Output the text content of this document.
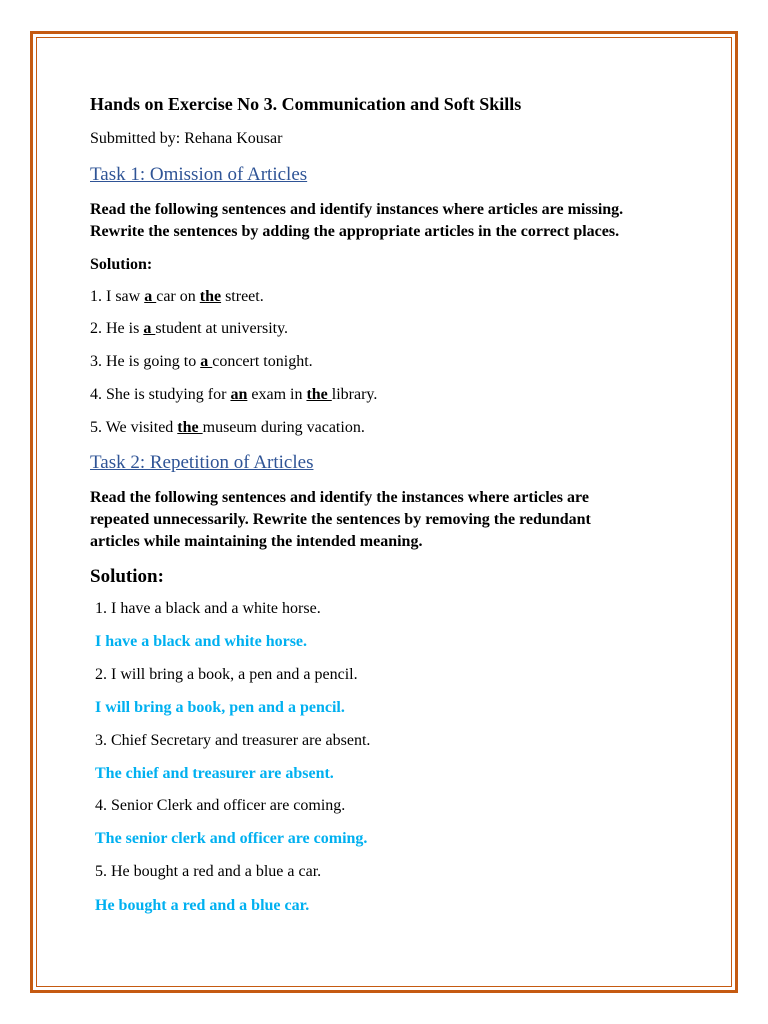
Hands on Exercise No 3. Communication and Soft Skills
Submitted by: Rehana Kousar
Task 1: Omission of Articles
Read the following sentences and identify instances where articles are missing.
Rewrite the sentences by adding the appropriate articles in the correct places.
Solution:
1. I saw a car on the street.
2. He is a student at university.
3. He is going to a concert tonight.
4. She is studying for an exam in the library.
5. We visited the museum during vacation.
Task 2: Repetition of Articles
Read the following sentences and identify the instances where articles are
repeated unnecessarily. Rewrite the sentences by removing the redundant
articles while maintaining the intended meaning.
Solution:
1. I have a black and a white horse.
I have a black and white horse.
2. I will bring a book, a pen and a pencil.
I will bring a book, pen and a pencil.
3. Chief Secretary and treasurer are absent.
The chief and treasurer are absent.
4. Senior Clerk and officer are coming.
The senior clerk and officer are coming.
5. He bought a red and a blue a car.
He bought a red and a blue car.
